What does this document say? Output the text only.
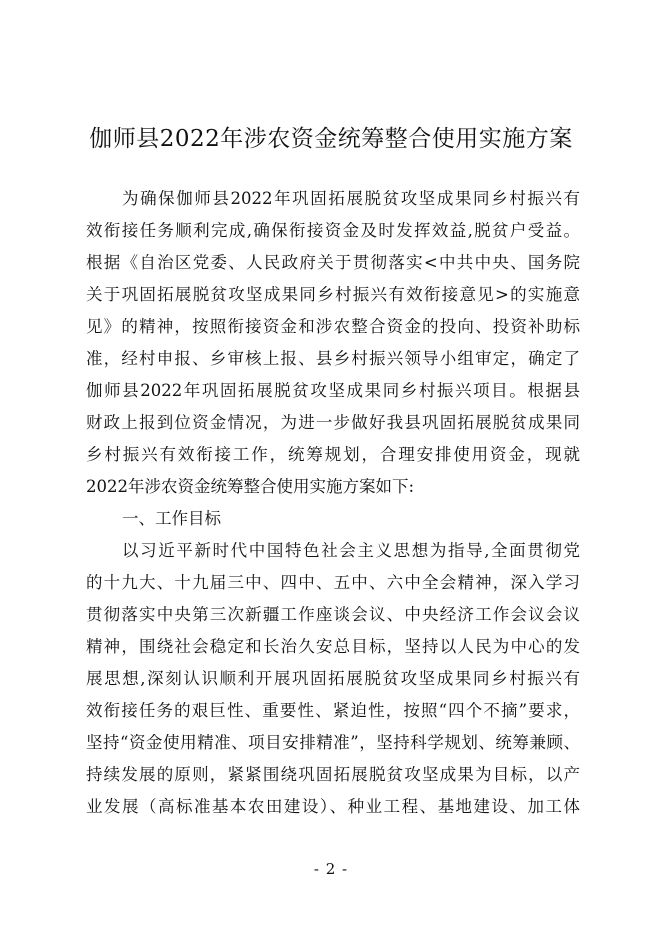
伽师县2022年涉农资金统筹整合使用实施方案
为确保伽师县2022年巩固拓展脱贫攻坚成果同乡村振兴有
效衔接任务顺利完成,确保衔接资金及时发挥效益,脱贫户受益。
根据《自治区党委、人民政府关于贯彻落实<中共中央、国务院
关于巩固拓展脱贫攻坚成果同乡村振兴有效衔接意见>的实施意
见》的精神，按照衔接资金和涉农整合资金的投向、投资补助标
准，经村申报、乡审核上报、县乡村振兴领导小组审定，确定了
伽师县2022年巩固拓展脱贫攻坚成果同乡村振兴项目。根据县
财政上报到位资金情况，为进一步做好我县巩固拓展脱贫成果同
乡村振兴有效衔接工作，统筹规划，合理安排使用资金，现就
2022年涉农资金统筹整合使用实施方案如下:
一、工作目标
以习近平新时代中国特色社会主义思想为指导,全面贯彻党
的十九大、十九届三中、四中、五中、六中全会精神，深入学习
贯彻落实中央第三次新疆工作座谈会议、中央经济工作会议会议
精神，围绕社会稳定和长治久安总目标，坚持以人民为中心的发
展思想,深刻认识顺利开展巩固拓展脱贫攻坚成果同乡村振兴有
效衔接任务的艰巨性、重要性、紧迫性，按照“四个不摘”要求，
坚持“资金使用精准、项目安排精准”，坚持科学规划、统筹兼顾、
持续发展的原则，紧紧围绕巩固拓展脱贫攻坚成果为目标，以产
业发展（高标准基本农田建设）、种业工程、基地建设、加工体
- 2 -
